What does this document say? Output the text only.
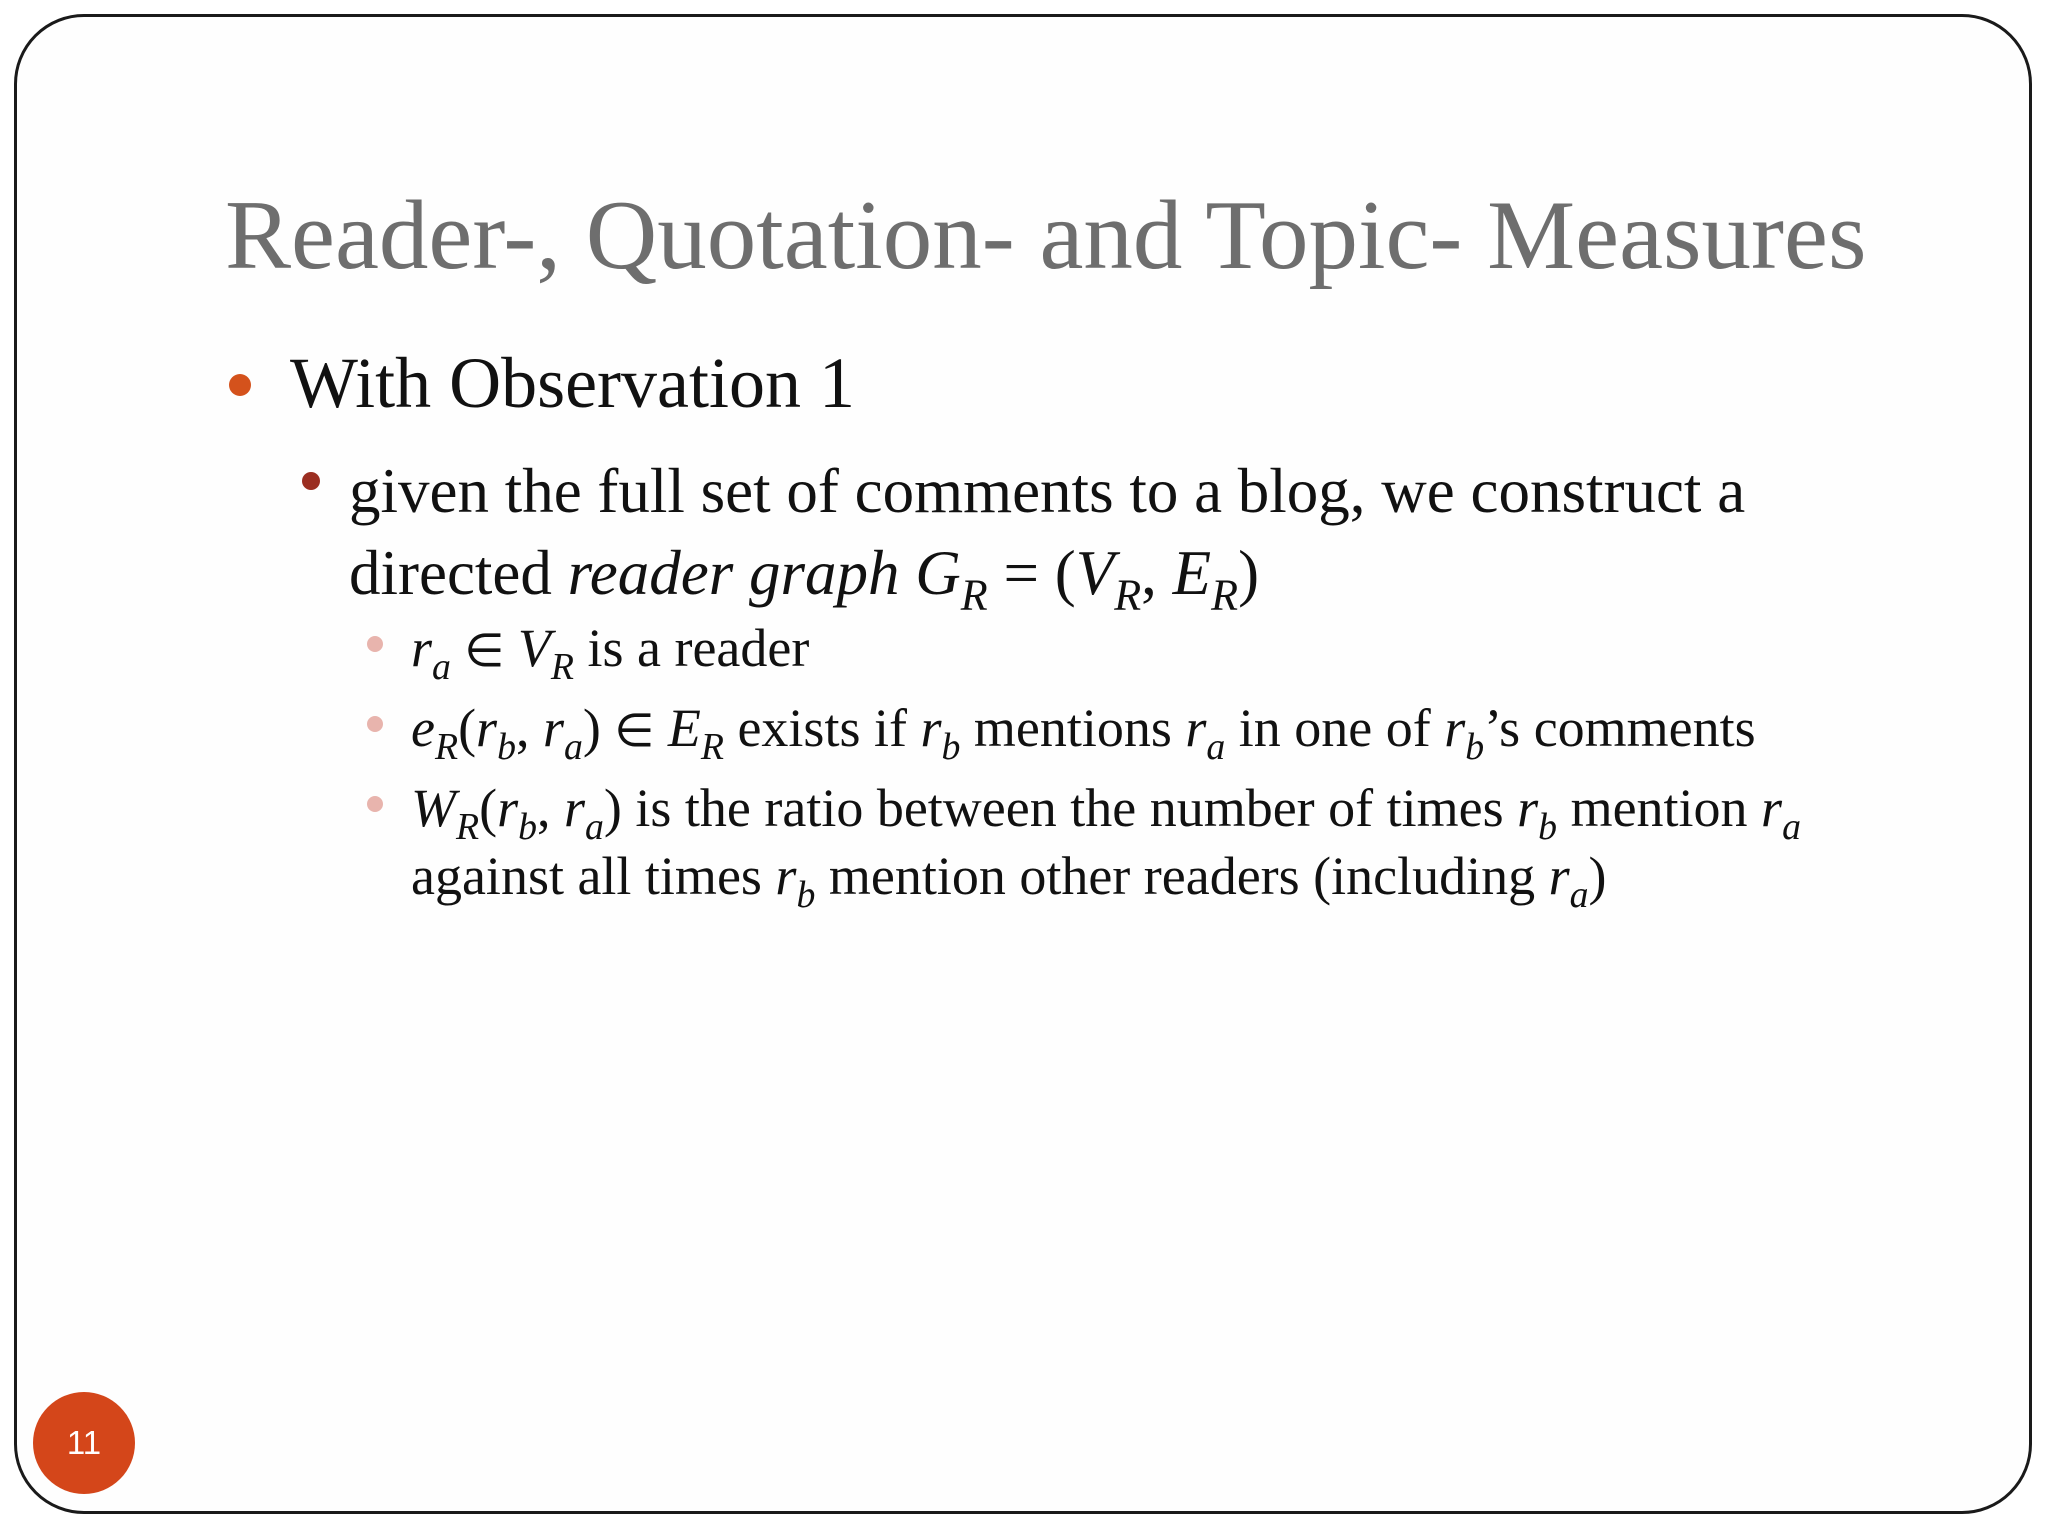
Reader-, Quotation- and Topic- Measures
With Observation 1
given the full set of comments to a blog, we construct a directed reader graph $G_R = (V_R$, $E_R$)
$r_a$ ∈ $V_R$ is a reader
$e_R(r_b$, $r_a$) ∈ $E_R$ exists if $r_b$ mentions $r_a$ in one of $r_b’s$ comments
$W_R(r_b$, $r_a$) is the ratio between the number of times $r_b$ mention $r_a$ against all times $r_b$ mention other readers (including $r_a$)
11
